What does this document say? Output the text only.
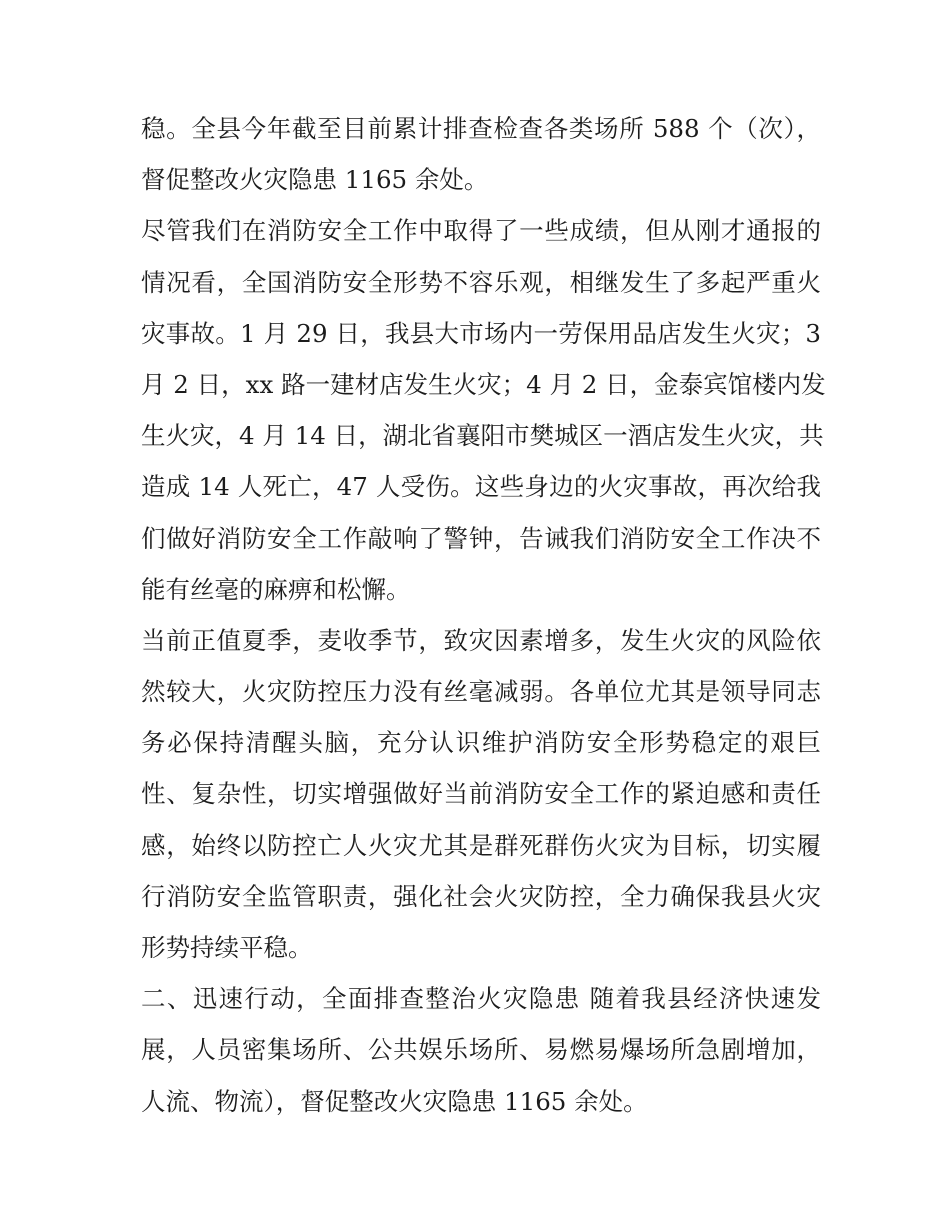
稳。全县今年截至目前累计排查检查各类场所 588 个（次），
督促整改火灾隐患 1165 余处。
尽管我们在消防安全工作中取得了一些成绩，但从刚才通报的
情况看，全国消防安全形势不容乐观，相继发生了多起严重火
灾事故。1 月 29 日，我县大市场内一劳保用品店发生火灾；3
月 2 日，xx 路一建材店发生火灾；4 月 2 日，金泰宾馆楼内发
生火灾，4 月 14 日，湖北省襄阳市樊城区一酒店发生火灾，共
造成 14 人死亡，47 人受伤。这些身边的火灾事故，再次给我
们做好消防安全工作敲响了警钟，告诫我们消防安全工作决不
能有丝毫的麻痹和松懈。
当前正值夏季，麦收季节，致灾因素增多，发生火灾的风险依
然较大，火灾防控压力没有丝毫减弱。各单位尤其是领导同志
务必保持清醒头脑，充分认识维护消防安全形势稳定的艰巨
性、复杂性，切实增强做好当前消防安全工作的紧迫感和责任
感，始终以防控亡人火灾尤其是群死群伤火灾为目标，切实履
行消防安全监管职责，强化社会火灾防控，全力确保我县火灾
形势持续平稳。
二、迅速行动，全面排查整治火灾隐患 随着我县经济快速发
展，人员密集场所、公共娱乐场所、易燃易爆场所急剧增加，
人流、物流），督促整改火灾隐患 1165 余处。
